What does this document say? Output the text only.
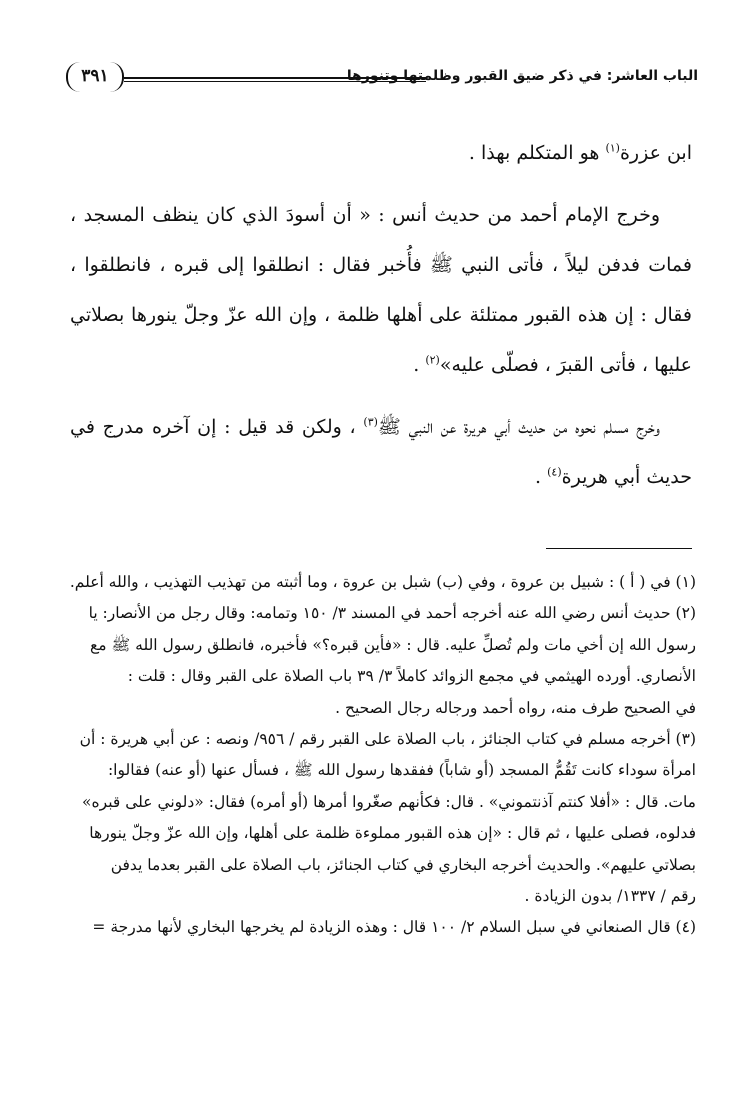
الباب العاشر: في ذكر ضيق القبور وظلمتها وتنورها
٣٩١

ابن عزرة$^{(١)}$ هو المتكلم بهذا .

وخرج الإمام أحمد من حديث أنس : « أن أسودَ الذي كان ينظف المسجد ، فمات فدفن ليلاً ، فأتى النبي ﷺ فأُخبر فقال : انطلقوا إلى قبره ، فانطلقوا ، فقال : إن هذه القبور ممتلئة على أهلها ظلمة ، وإن الله عزّ وجلّ ينورها بصلاتي عليها ، فأتى القبرَ ، فصلّى عليه»$^{(٢)}$ .

وخرج مسلم نحوه من حديث أبي هريرة عن النبي ﷺ$^{(٣)}$ ، ولكن قد قيل : إن آخره مدرج في حديث أبي هريرة$^{(٤)}$ .

(١) في ( أ ) : شبيل بن عروة ، وفي (ب) شبل بن عروة ، وما أثبته من تهذيب التهذيب ، والله أعلم.
(٢) حديث أنس رضي الله عنه أخرجه أحمد في المسند ٣/ ١٥٠ وتمامه: وقال رجل من الأنصار: يا
رسول الله إن أخي مات ولم تُصلِّ عليه. قال : «فأين قبره؟» فأخبره، فانطلق رسول الله ﷺ مع
الأنصاري. أورده الهيثمي في مجمع الزوائد كاملاً ٣/ ٣٩ باب الصلاة على القبر وقال : قلت :
في الصحيح طرف منه، رواه أحمد ورجاله رجال الصحيح .
(٣) أخرجه مسلم في كتاب الجنائز ، باب الصلاة على القبر رقم / ٩٥٦/ ونصه : عن أبي هريرة : أن
امرأة سوداء كانت تَقُمُّ المسجد (أو شاباً) ففقدها رسول الله ﷺ ، فسأل عنها (أو عنه) فقالوا:
مات. قال : «أفلا كنتم آذنتموني» . قال: فكأنهم صغّروا أمرها (أو أمره) فقال: «دلوني على قبره»
فدلوه، فصلى عليها ، ثم قال : «إن هذه القبور مملوءة ظلمة على أهلها، وإن الله عزّ وجلّ ينورها
بصلاتي عليهم». والحديث أخرجه البخاري في كتاب الجنائز، باب الصلاة على القبر بعدما يدفن
رقم / ١٣٣٧/ بدون الزيادة .
(٤) قال الصنعاني في سبل السلام ٢/ ١٠٠ قال : وهذه الزيادة لم يخرجها البخاري لأنها مدرجة =
